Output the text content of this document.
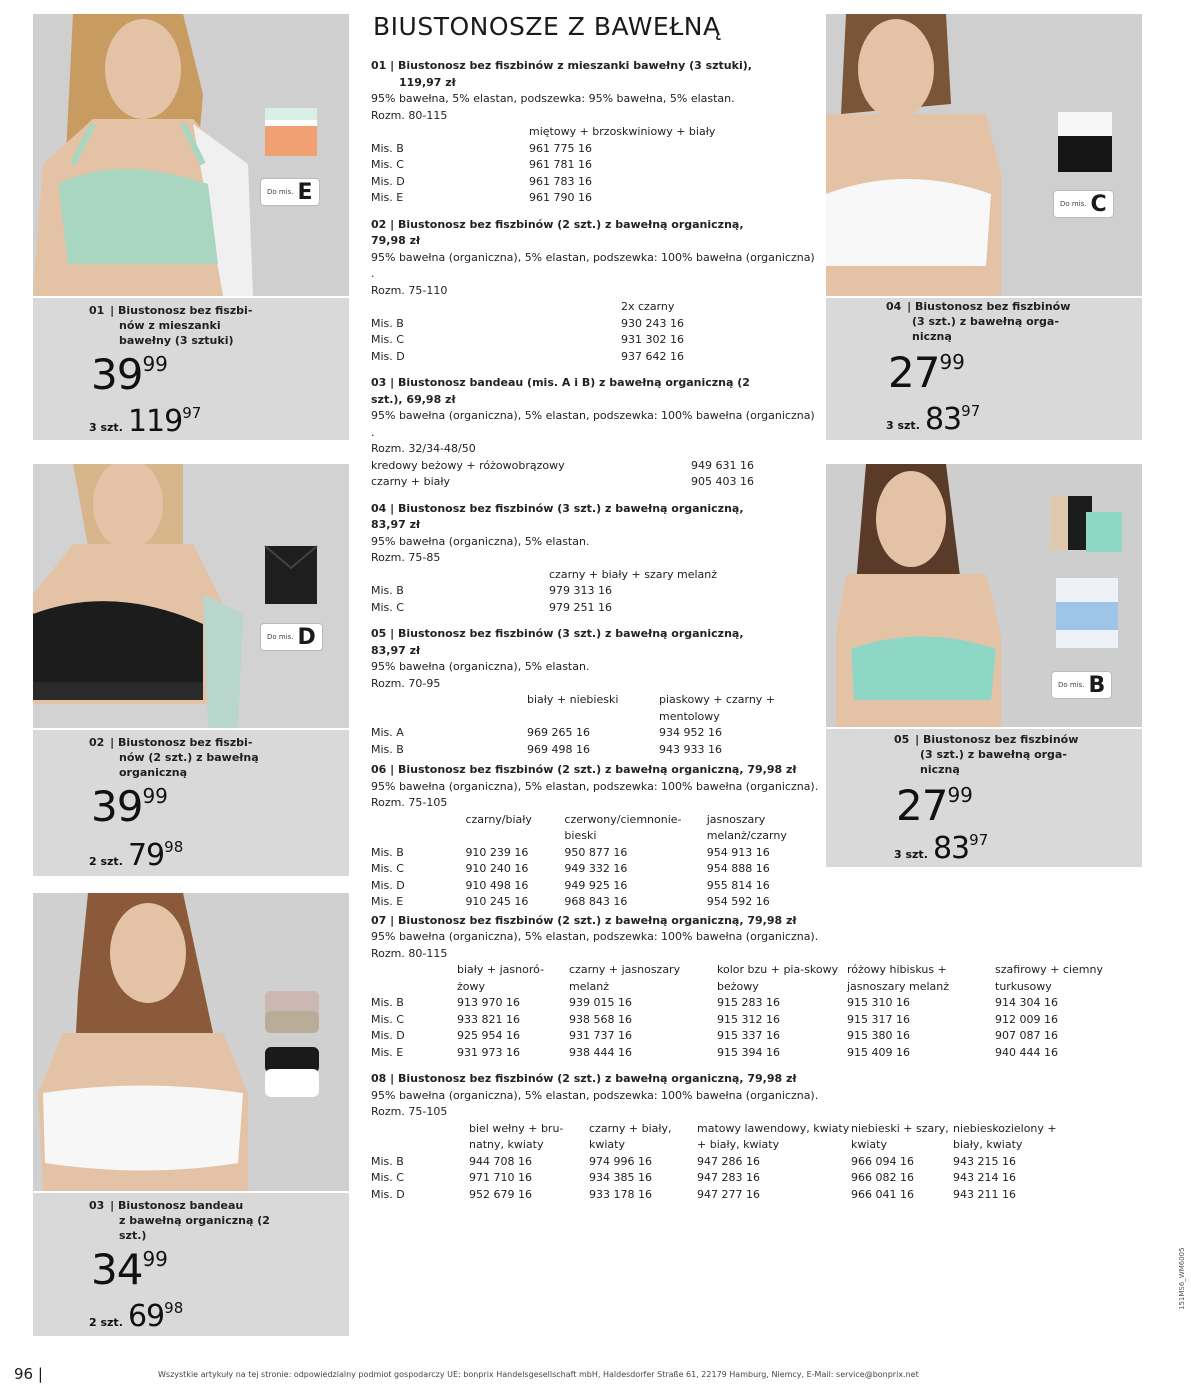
BIUSTONOSZE Z BAWEŁNĄ
Do mis. E
01 | Biustonosz bez fiszbi-
nów z mieszanki
bawełny (3 sztuki)
3999
3 szt. 11997
Do mis. D
02 | Biustonosz bez fiszbi-
nów (2 szt.) z bawełną
organiczną
3999
2 szt. 7998
03 | Biustonosz bandeau
z bawełną organiczną (2
szt.)
3499
2 szt. 6998
Do mis. C
04 | Biustonosz bez fiszbinów
(3 szt.) z bawełną orga-
niczną
2799
3 szt. 8397
Do mis. B
05 | Biustonosz bez fiszbinów
(3 szt.) z bawełną orga-
niczną
2799
3 szt. 8397
01 | Biustonosz bez fiszbinów z mieszanki bawełny (3 sztuki),
119,97 zł
95% bawełna, 5% elastan, podszewka: 95% bawełna, 5% elastan.
Rozm. 80-115
	miętowy + brzoskwiniowy + biały
Mis. B	961 775 16
Mis. C	961 781 16
Mis. D	961 783 16
Mis. E	961 790 16
02 | Biustonosz bez fiszbinów (2 szt.) z bawełną organiczną,
79,98 zł
95% bawełna (organiczna), 5% elastan, podszewka: 100% bawełna (organiczna) .
Rozm. 75-110
	2x czarny
Mis. B	930 243 16
Mis. C	931 302 16
Mis. D	937 642 16
03 | Biustonosz bandeau (mis. A i B) z bawełną organiczną (2
szt.), 69,98 zł
95% bawełna (organiczna), 5% elastan, podszewka: 100% bawełna (organiczna) .
Rozm. 32/34-48/50
kredowy beżowy + różowobrązowy	949 631 16
czarny + biały	905 403 16
04 | Biustonosz bez fiszbinów (3 szt.) z bawełną organiczną,
83,97 zł
95% bawełna (organiczna), 5% elastan.
Rozm. 75-85
	czarny + biały + szary melanż
Mis. B	979 313 16
Mis. C	979 251 16
05 | Biustonosz bez fiszbinów (3 szt.) z bawełną organiczną,
83,97 zł
95% bawełna (organiczna), 5% elastan.
Rozm. 70-95
	biały + niebieski	piaskowy + czarny + mentolowy
Mis. A	969 265 16	934 952 16
Mis. B	969 498 16	943 933 16
06 | Biustonosz bez fiszbinów (2 szt.) z bawełną organiczną, 79,98 zł
95% bawełna (organiczna), 5% elastan, podszewka: 100% bawełna (organiczna).
Rozm. 75-105
	czarny/biały	czerwony/ciemnonie-bieski	jasnoszary melanż/czarny
Mis. B	910 239 16	950 877 16	954 913 16
Mis. C	910 240 16	949 332 16	954 888 16
Mis. D	910 498 16	949 925 16	955 814 16
Mis. E	910 245 16	968 843 16	954 592 16
07 | Biustonosz bez fiszbinów (2 szt.) z bawełną organiczną, 79,98 zł
95% bawełna (organiczna), 5% elastan, podszewka: 100% bawełna (organiczna).
Rozm. 80-115
	biały + jasnoró-żowy	czarny + jasnoszary melanż	kolor bzu + pia-skowy beżowy	różowy hibiskus + jasnoszary melanż	szafirowy + ciemny turkusowy
Mis. B	913 970 16	939 015 16	915 283 16	915 310 16	914 304 16
Mis. C	933 821 16	938 568 16	915 312 16	915 317 16	912 009 16
Mis. D	925 954 16	931 737 16	915 337 16	915 380 16	907 087 16
Mis. E	931 973 16	938 444 16	915 394 16	915 409 16	940 444 16
08 | Biustonosz bez fiszbinów (2 szt.) z bawełną organiczną, 79,98 zł
95% bawełna (organiczna), 5% elastan, podszewka: 100% bawełna (organiczna).
Rozm. 75-105
	biel wełny + bru-natny, kwiaty	czarny + biały, kwiaty	matowy lawendowy, kwiaty + biały, kwiaty	niebieski + szary, kwiaty	niebieskozielony + biały, kwiaty
Mis. B	944 708 16	974 996 16	947 286 16	966 094 16	943 215 16
Mis. C	971 710 16	934 385 16	947 283 16	966 082 16	943 214 16
Mis. D	952 679 16	933 178 16	947 277 16	966 041 16	943 211 16
96 |	Wszystkie artykuły na tej stronie: odpowiedzialny podmiot gospodarczy UE: bonprix Handelsgesellschaft mbH, Haldesdorfer Straße 61, 22179 Hamburg, Niemcy, E-Mail: service@bonprix.net
151MS6_WM6005
